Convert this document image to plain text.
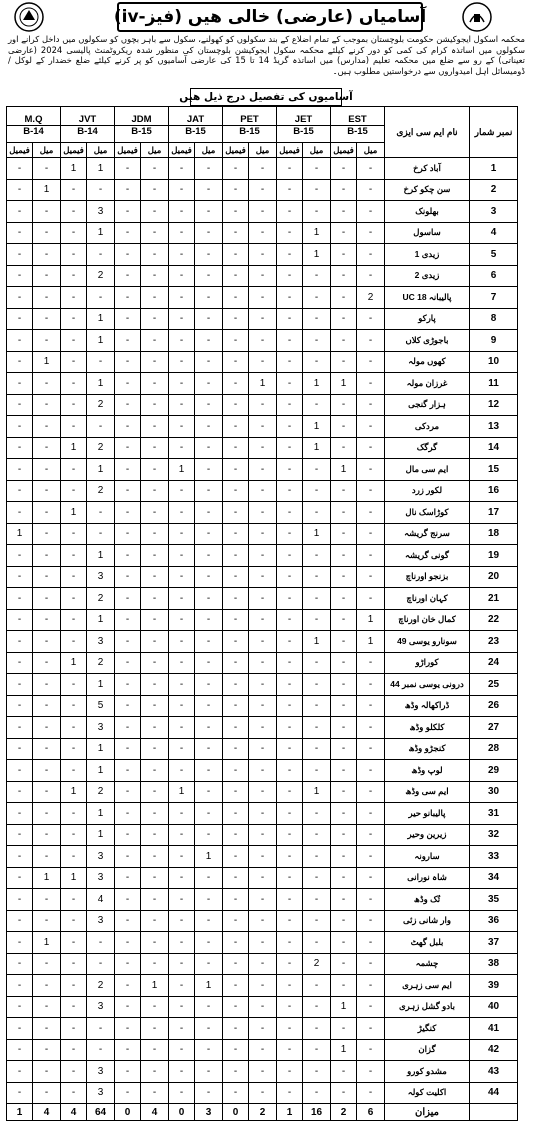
آسامیاں (عارضی) خالی ھیں (فیز-iv)
محکمہ اسکول ایجوکیشن حکومت بلوچستان بموجب کے تمام اضلاع کے بند سکولوں کو کھولنے، سکول سے باہر بچوں کو سکولوں میں داخل کرانے اور سکولوں میں اساتذہ کرام کی کمی کو دور کرنے کیلئے محکمہ سکول ایجوکیشن بلوچستان کی منظور شدہ ریکروٹمنٹ پالیسی 2024 (عارضی تعیناتی) کے رو سے ضلع میں محکمہ تعلیم (مدارس) میں اساتذہ گریڈ 14 تا 15 کی عارضی آسامیوں کو پر کرنے کیلئے ضلع خضدار کے لوکل / ڈومیسائل اہل امیدواروں سے درخواستیں مطلوب ہیں۔
آسامیوں کی تفصیل درج ذیل ھیں
M.Q		JVT		JDM		JAT		PET		JET		EST		نام ایم سی ایزی	نمبر شمار
B-14		B-14		B-15		B-15		B-15		B-15		B-15			
فیمیل	میل	فیمیل	میل	فیمیل	میل	فیمیل	میل	فیمیل	میل	فیمیل	میل	فیمیل	میل		
-	-	1	1	-	-	-	-	-	-	-	-	-	-	آباد کرخ	1
-	1	-	-	-	-	-	-	-	-	-	-	-	-	سن چکو کرخ	2
-	-	-	3	-	-	-	-	-	-	-	-	-	-	بھلونک	3
-	-	-	1	-	-	-	-	-	-	-	1	-	-	ساسول	4
-	-	-	-	-	-	-	-	-	-	-	1	-	-	زیدی 1	5
-	-	-	2	-	-	-	-	-	-	-	-	-	-	زیدی 2	6
-	-	-	-	-	-	-	-	-	-	-	-	-	2	پالیبانہ UC 18	7
-	-	-	1	-	-	-	-	-	-	-	-	-	-	پارکو	8
-	-	-	1	-	-	-	-	-	-	-	-	-	-	باجوڑی کلاں	9
-	1	-	-	-	-	-	-	-	-	-	-	-	-	کھوں مولہ	10
-	-	-	1	-	-	-	-	-	1	-	1	1	-	غرزان مولہ	11
-	-	-	2	-	-	-	-	-	-	-	-	-	-	ہزار گنجی	12
-	-	-	-	-	-	-	-	-	-	-	1	-	-	مردکی	13
-	-	1	2	-	-	-	-	-	-	-	1	-	-	گرگک	14
-	-	-	1	-	-	1	-	-	-	-	-	1	-	ایم سی مال	15
-	-	-	2	-	-	-	-	-	-	-	-	-	-	لکور زرد	16
-	-	1	-	-	-	-	-	-	-	-	-	-	-	کوڑاسک نال	17
1	-	-	-	-	-	-	-	-	-	-	1	-	-	سرنج گریشہ	18
-	-	-	1	-	-	-	-	-	-	-	-	-	-	گونی گریشہ	19
-	-	-	3	-	-	-	-	-	-	-	-	-	-	بزنجو اورناچ	20
-	-	-	2	-	-	-	-	-	-	-	-	-	-	کہان اورناچ	21
-	-	-	1	-	-	-	-	-	-	-	-	-	1	کمال خان اورناچ	22
-	-	-	3	-	-	-	-	-	-	-	1	-	1	سونارو یوسی 49	23
-	-	1	2	-	-	-	-	-	-	-	-	-	-	کوراڑو	24
-	-	-	1	-	-	-	-	-	-	-	-	-	-	درونی یوسی نمبر 44	25
-	-	-	5	-	-	-	-	-	-	-	-	-	-	ڈراکھالہ وڈھ	26
-	-	-	3	-	-	-	-	-	-	-	-	-	-	کلکلو وڈھ	27
-	-	-	1	-	-	-	-	-	-	-	-	-	-	کنجڑو وڈھ	28
-	-	-	1	-	-	-	-	-	-	-	-	-	-	لوپ وڈھ	29
-	-	1	2	-	-	1	-	-	-	-	1	-	-	ایم سی وڈھ	30
-	-	-	1	-	-	-	-	-	-	-	-	-	-	پالیبانو حیر	31
-	-	-	1	-	-	-	-	-	-	-	-	-	-	زیرین وحیر	32
-	-	-	3	-	-	-	1	-	-	-	-	-	-	سارونہ	33
-	1	1	3	-	-	-	-	-	-	-	-	-	-	شاہ نورانی	34
-	-	-	4	-	-	-	-	-	-	-	-	-	-	تُک وڈھ	35
-	-	-	3	-	-	-	-	-	-	-	-	-	-	وار شانی زئی	36
-	1	-	-	-	-	-	-	-	-	-	-	-	-	بلبل گھٹ	37
-	-	-	-	-	-	-	-	-	-	-	2	-	-	چشمہ	38
-	-	-	2	-	1	-	1	-	-	-	-	-	-	ایم سی زہری	39
-	-	-	3	-	-	-	-	-	-	-	-	1	-	بادو گشل زہری	40
-	-	-	-	-	-	-	-	-	-	-	-	-	-	کنگیڑ	41
-	-	-	-	-	-	-	-	-	-	-	-	1	-	گزان	42
-	-	-	3	-	-	-	-	-	-	-	-	-	-	مشدو کورو	43
-	-	-	3	-	-	-	-	-	-	-	-	-	-	اکلیت کولہ	44
1	4	4	64	0	4	0	3	0	2	1	16	2	6	میزان	
